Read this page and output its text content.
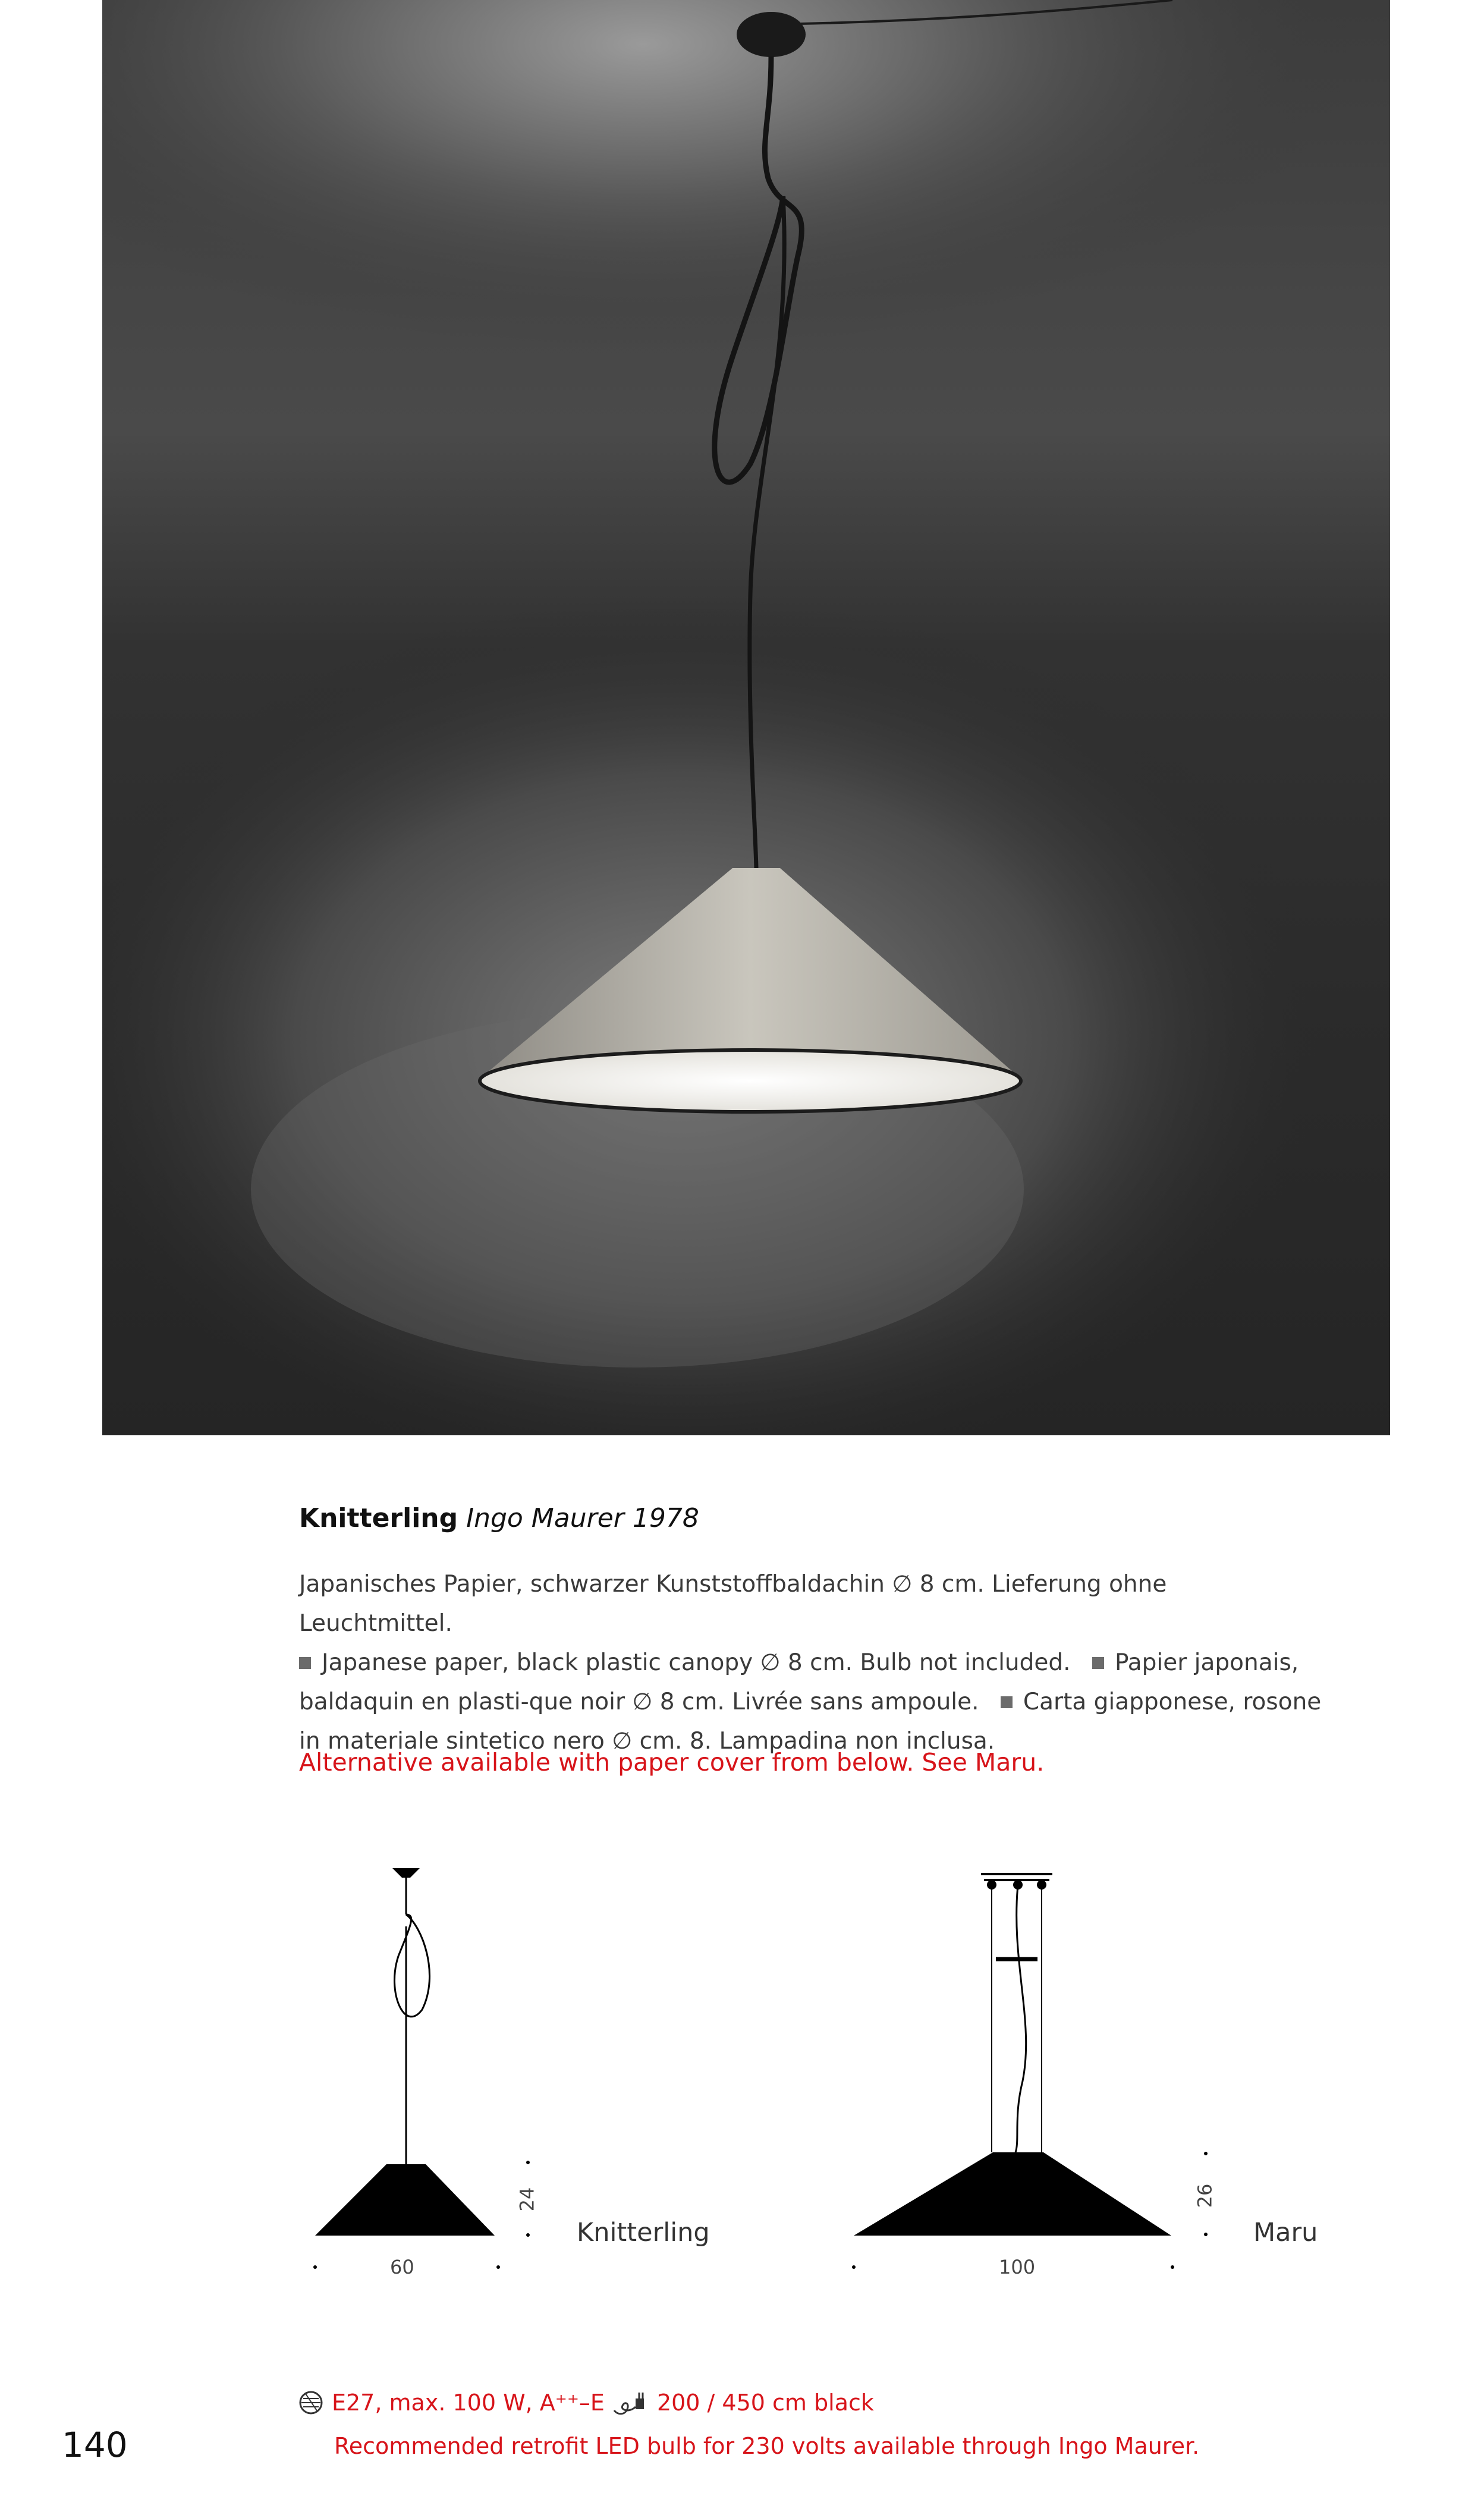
Knitterling Ingo Maurer 1978
Japanisches Papier, schwarzer Kunststoffbaldachin ∅ 8 cm. Lieferung ohne Leuchtmittel.
Japanese paper, black plastic canopy ∅ 8 cm. Bulb not included. Papier japonais, baldaquin en plasti-que noir ∅ 8 cm. Livrée sans ampoule. Carta giapponese, rosone in materiale sintetico nero ∅ cm. 8. Lampadina non inclusa.
Alternative available with paper cover from below. See Maru.
24
Knitterling
60
26
Maru
100
E27, max. 100 W, A⁺⁺–E 200 / 450 cm black
Recommended retrofit LED bulb for 230 volts available through Ingo Maurer.
140
